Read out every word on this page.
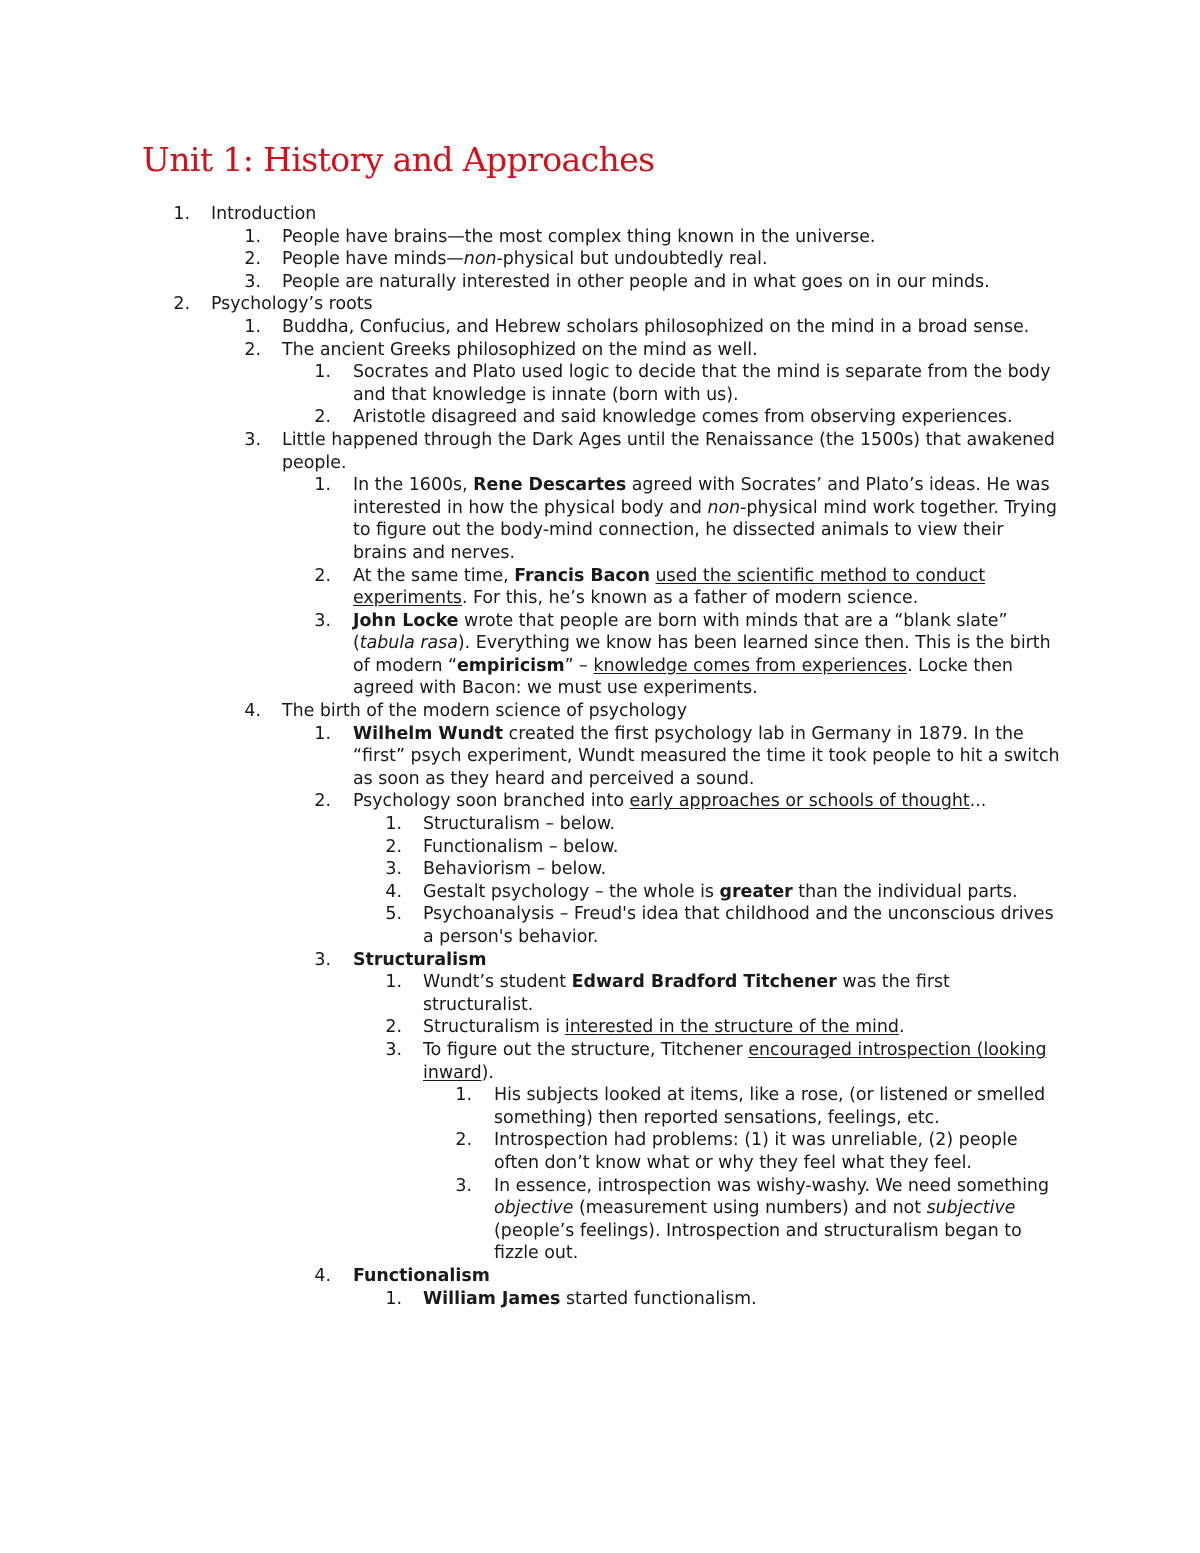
Unit 1: History and Approaches
1. Introduction
1. People have brains—the most complex thing known in the universe.
2. People have minds—non-physical but undoubtedly real.
3. People are naturally interested in other people and in what goes on in our minds.
2. Psychology’s roots
1. Buddha, Confucius, and Hebrew scholars philosophized on the mind in a broad sense.
2. The ancient Greeks philosophized on the mind as well.
1. Socrates and Plato used logic to decide that the mind is separate from the body and that knowledge is innate (born with us).
2. Aristotle disagreed and said knowledge comes from observing experiences.
3. Little happened through the Dark Ages until the Renaissance (the 1500s) that awakened people.
1. In the 1600s, Rene Descartes agreed with Socrates’ and Plato’s ideas. He was interested in how the physical body and non-physical mind work together. Trying to figure out the body-mind connection, he dissected animals to view their brains and nerves.
2. At the same time, Francis Bacon used the scientific method to conduct experiments. For this, he’s known as a father of modern science.
3. John Locke wrote that people are born with minds that are a “blank slate” (tabula rasa). Everything we know has been learned since then. This is the birth of modern “empiricism” – knowledge comes from experiences. Locke then agreed with Bacon: we must use experiments.
4. The birth of the modern science of psychology
1. Wilhelm Wundt created the first psychology lab in Germany in 1879. In the “first” psych experiment, Wundt measured the time it took people to hit a switch as soon as they heard and perceived a sound.
2. Psychology soon branched into early approaches or schools of thought...
1. Structuralism – below.
2. Functionalism – below.
3. Behaviorism – below.
4. Gestalt psychology – the whole is greater than the individual parts.
5. Psychoanalysis – Freud's idea that childhood and the unconscious drives a person's behavior.
3. Structuralism
1. Wundt’s student Edward Bradford Titchener was the first structuralist.
2. Structuralism is interested in the structure of the mind.
3. To figure out the structure, Titchener encouraged introspection (looking inward).
1. His subjects looked at items, like a rose, (or listened or smelled something) then reported sensations, feelings, etc.
2. Introspection had problems: (1) it was unreliable, (2) people often don’t know what or why they feel what they feel.
3. In essence, introspection was wishy-washy. We need something objective (measurement using numbers) and not subjective (people’s feelings). Introspection and structuralism began to fizzle out.
4. Functionalism
1. William James started functionalism.
